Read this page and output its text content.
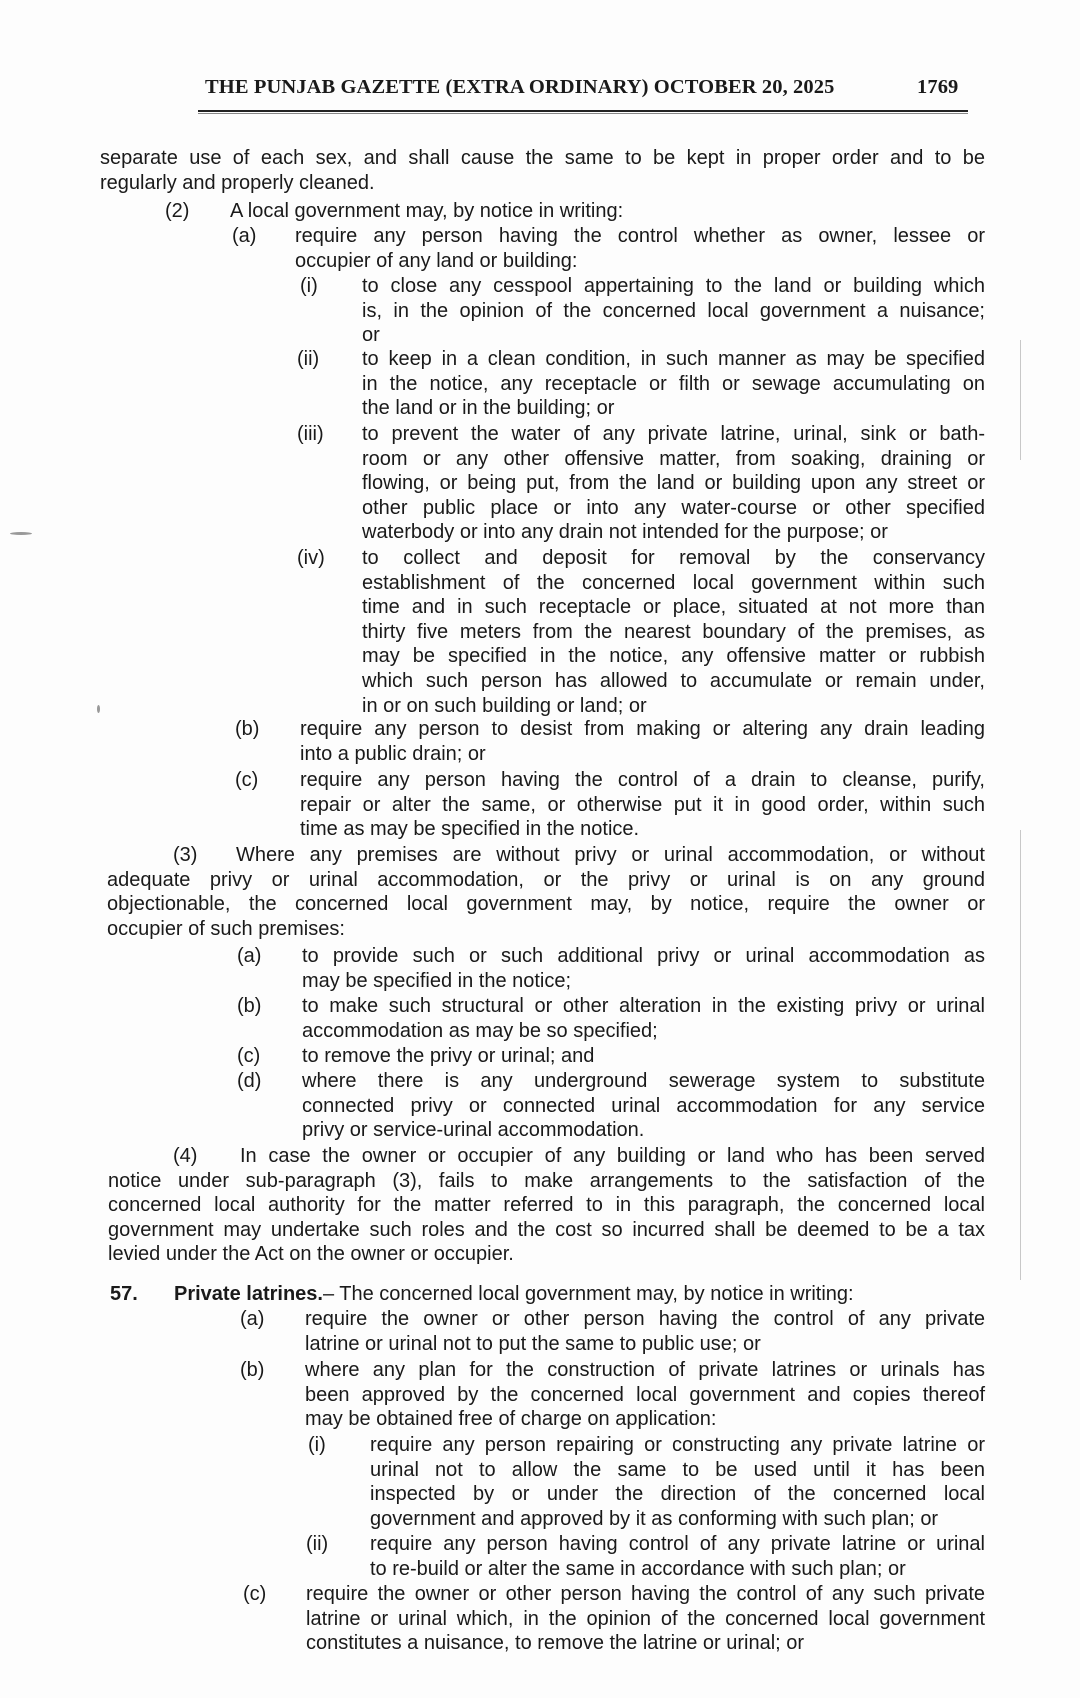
THE PUNJAB GAZETTE (EXTRA ORDINARY) OCTOBER 20, 2025	1769
separate use of each sex, and shall cause the same to be kept in proper order and to be
regularly and properly cleaned.
(2) A local government may, by notice in writing:
(a) require any person having the control whether as owner, lessee or
occupier of any land or building:
(i) to close any cesspool appertaining to the land or building which
is, in the opinion of the concerned local government a nuisance;
or
(ii) to keep in a clean condition, in such manner as may be specified
in the notice, any receptacle or filth or sewage accumulating on
the land or in the building; or
(iii) to prevent the water of any private latrine, urinal, sink or bath-
room or any other offensive matter, from soaking, draining or
flowing, or being put, from the land or building upon any street or
other public place or into any water-course or other specified
waterbody or into any drain not intended for the purpose; or
(iv) to collect and deposit for removal by the conservancy
establishment of the concerned local government within such
time and in such receptacle or place, situated at not more than
thirty five meters from the nearest boundary of the premises, as
may be specified in the notice, any offensive matter or rubbish
which such person has allowed to accumulate or remain under,
in or on such building or land; or
(b) require any person to desist from making or altering any drain leading
into a public drain; or
(c) require any person having the control of a drain to cleanse, purify,
repair or alter the same, or otherwise put it in good order, within such
time as may be specified in the notice.
(3) Where any premises are without privy or urinal accommodation, or without
adequate privy or urinal accommodation, or the privy or urinal is on any ground
objectionable, the concerned local government may, by notice, require the owner or
occupier of such premises:
(a) to provide such or such additional privy or urinal accommodation as
may be specified in the notice;
(b) to make such structural or other alteration in the existing privy or urinal
accommodation as may be so specified;
(c) to remove the privy or urinal; and
(d) where there is any underground sewerage system to substitute
connected privy or connected urinal accommodation for any service
privy or service-urinal accommodation.
(4) In case the owner or occupier of any building or land who has been served
notice under sub-paragraph (3), fails to make arrangements to the satisfaction of the
concerned local authority for the matter referred to in this paragraph, the concerned local
government may undertake such roles and the cost so incurred shall be deemed to be a tax
levied under the Act on the owner or occupier.
57. Private latrines.– The concerned local government may, by notice in writing:
(a) require the owner or other person having the control of any private
latrine or urinal not to put the same to public use; or
(b) where any plan for the construction of private latrines or urinals has
been approved by the concerned local government and copies thereof
may be obtained free of charge on application:
(i) require any person repairing or constructing any private latrine or
urinal not to allow the same to be used until it has been
inspected by or under the direction of the concerned local
government and approved by it as conforming with such plan; or
(ii) require any person having control of any private latrine or urinal
to re-build or alter the same in accordance with such plan; or
(c) require the owner or other person having the control of any such private
latrine or urinal which, in the opinion of the concerned local government
constitutes a nuisance, to remove the latrine or urinal; or
